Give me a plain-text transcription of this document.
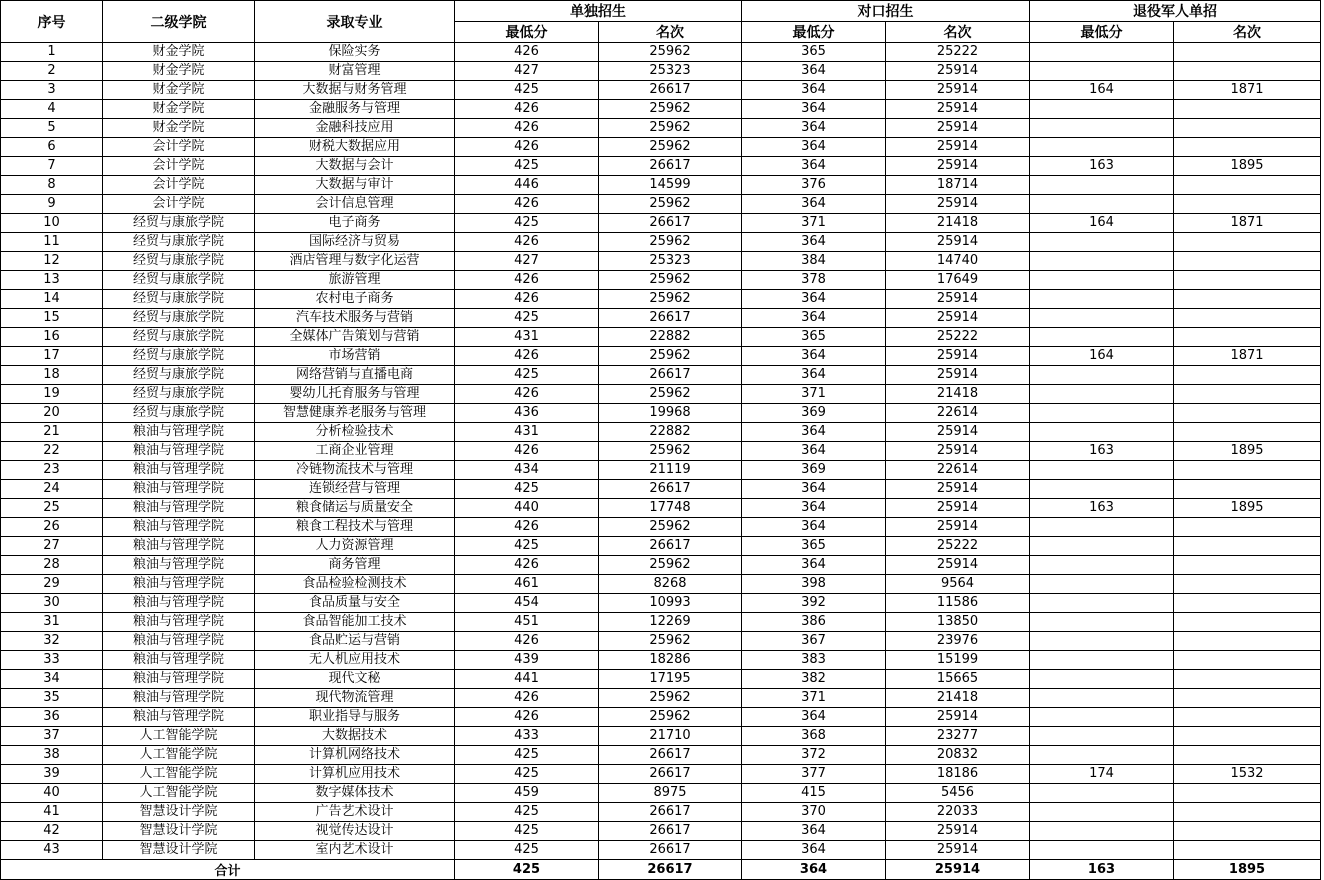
序号	二级学院	录取专业	单独招生		对口招生		退役军人单招	
			最低分	名次	最低分	名次	最低分	名次
1	财金学院	保险实务	426	25962	365	25222		
2	财金学院	财富管理	427	25323	364	25914		
3	财金学院	大数据与财务管理	425	26617	364	25914	164	1871
4	财金学院	金融服务与管理	426	25962	364	25914		
5	财金学院	金融科技应用	426	25962	364	25914		
6	会计学院	财税大数据应用	426	25962	364	25914		
7	会计学院	大数据与会计	425	26617	364	25914	163	1895
8	会计学院	大数据与审计	446	14599	376	18714		
9	会计学院	会计信息管理	426	25962	364	25914		
10	经贸与康旅学院	电子商务	425	26617	371	21418	164	1871
11	经贸与康旅学院	国际经济与贸易	426	25962	364	25914		
12	经贸与康旅学院	酒店管理与数字化运营	427	25323	384	14740		
13	经贸与康旅学院	旅游管理	426	25962	378	17649		
14	经贸与康旅学院	农村电子商务	426	25962	364	25914		
15	经贸与康旅学院	汽车技术服务与营销	425	26617	364	25914		
16	经贸与康旅学院	全媒体广告策划与营销	431	22882	365	25222		
17	经贸与康旅学院	市场营销	426	25962	364	25914	164	1871
18	经贸与康旅学院	网络营销与直播电商	425	26617	364	25914		
19	经贸与康旅学院	婴幼儿托育服务与管理	426	25962	371	21418		
20	经贸与康旅学院	智慧健康养老服务与管理	436	19968	369	22614		
21	粮油与管理学院	分析检验技术	431	22882	364	25914		
22	粮油与管理学院	工商企业管理	426	25962	364	25914	163	1895
23	粮油与管理学院	冷链物流技术与管理	434	21119	369	22614		
24	粮油与管理学院	连锁经营与管理	425	26617	364	25914		
25	粮油与管理学院	粮食储运与质量安全	440	17748	364	25914	163	1895
26	粮油与管理学院	粮食工程技术与管理	426	25962	364	25914		
27	粮油与管理学院	人力资源管理	425	26617	365	25222		
28	粮油与管理学院	商务管理	426	25962	364	25914		
29	粮油与管理学院	食品检验检测技术	461	8268	398	9564		
30	粮油与管理学院	食品质量与安全	454	10993	392	11586		
31	粮油与管理学院	食品智能加工技术	451	12269	386	13850		
32	粮油与管理学院	食品贮运与营销	426	25962	367	23976		
33	粮油与管理学院	无人机应用技术	439	18286	383	15199		
34	粮油与管理学院	现代文秘	441	17195	382	15665		
35	粮油与管理学院	现代物流管理	426	25962	371	21418		
36	粮油与管理学院	职业指导与服务	426	25962	364	25914		
37	人工智能学院	大数据技术	433	21710	368	23277		
38	人工智能学院	计算机网络技术	425	26617	372	20832		
39	人工智能学院	计算机应用技术	425	26617	377	18186	174	1532
40	人工智能学院	数字媒体技术	459	8975	415	5456		
41	智慧设计学院	广告艺术设计	425	26617	370	22033		
42	智慧设计学院	视觉传达设计	425	26617	364	25914		
43	智慧设计学院	室内艺术设计	425	26617	364	25914		
合计			425	26617	364	25914	163	1895
